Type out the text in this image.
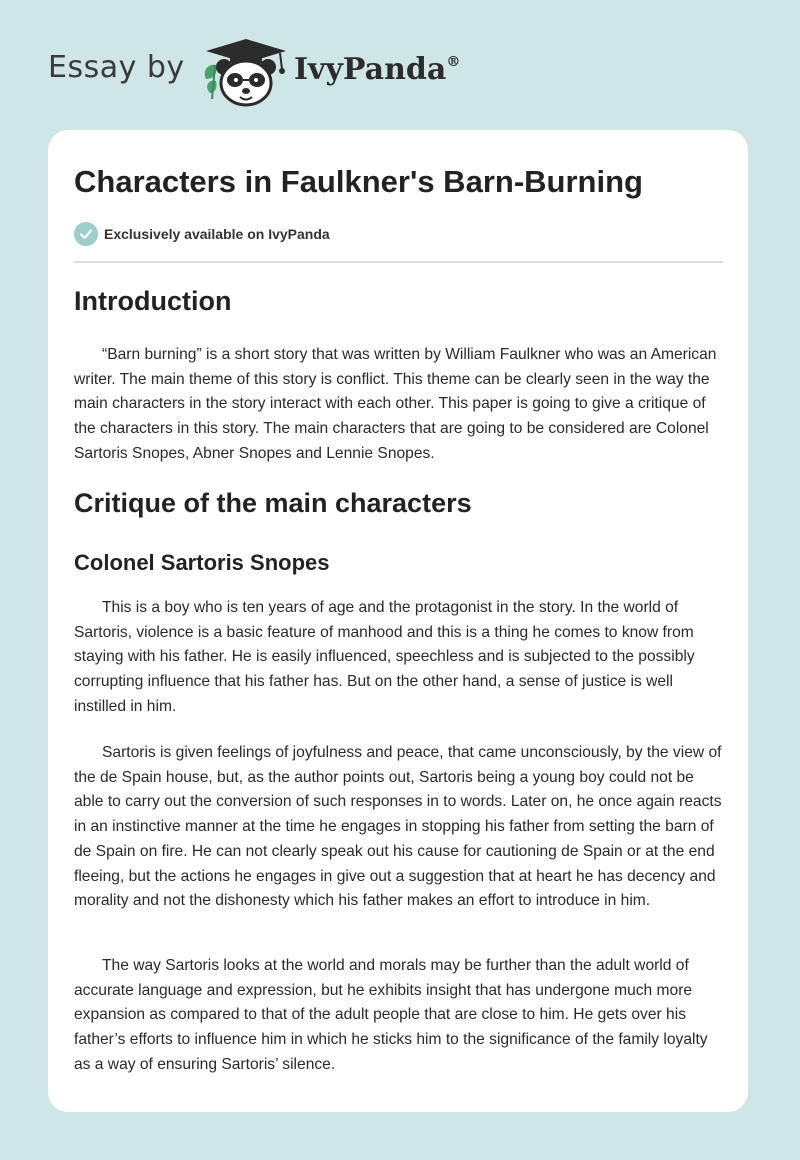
Essay by	IvyPanda®
Characters in Faulkner's Barn-Burning
Exclusively available on IvyPanda
Introduction

“Barn burning” is a short story that was written by William Faulkner who was an American writer. The main theme of this story is conflict. This theme can be clearly seen in the way the main characters in the story interact with each other. This paper is going to give a critique of the characters in this story. The main characters that are going to be considered are Colonel Sartoris Snopes, Abner Snopes and Lennie Snopes.

Critique of the main characters
Colonel Sartoris Snopes

This is a boy who is ten years of age and the protagonist in the story. In the world of Sartoris, violence is a basic feature of manhood and this is a thing he comes to know from staying with his father. He is easily influenced, speechless and is subjected to the possibly corrupting influence that his father has. But on the other hand, a sense of justice is well instilled in him.

Sartoris is given feelings of joyfulness and peace, that came unconsciously, by the view of the de Spain house, but, as the author points out, Sartoris being a young boy could not be able to carry out the conversion of such responses in to words. Later on, he once again reacts in an instinctive manner at the time he engages in stopping his father from setting the barn of de Spain on fire. He can not clearly speak out his cause for cautioning de Spain or at the end fleeing, but the actions he engages in give out a suggestion that at heart he has decency and morality and not the dishonesty which his father makes an effort to introduce in him.

The way Sartoris looks at the world and morals may be further than the adult world of accurate language and expression, but he exhibits insight that has undergone much more expansion as compared to that of the adult people that are close to him. He gets over his father’s efforts to influence him in which he sticks him to the significance of the family loyalty as a way of ensuring Sartoris’ silence.
